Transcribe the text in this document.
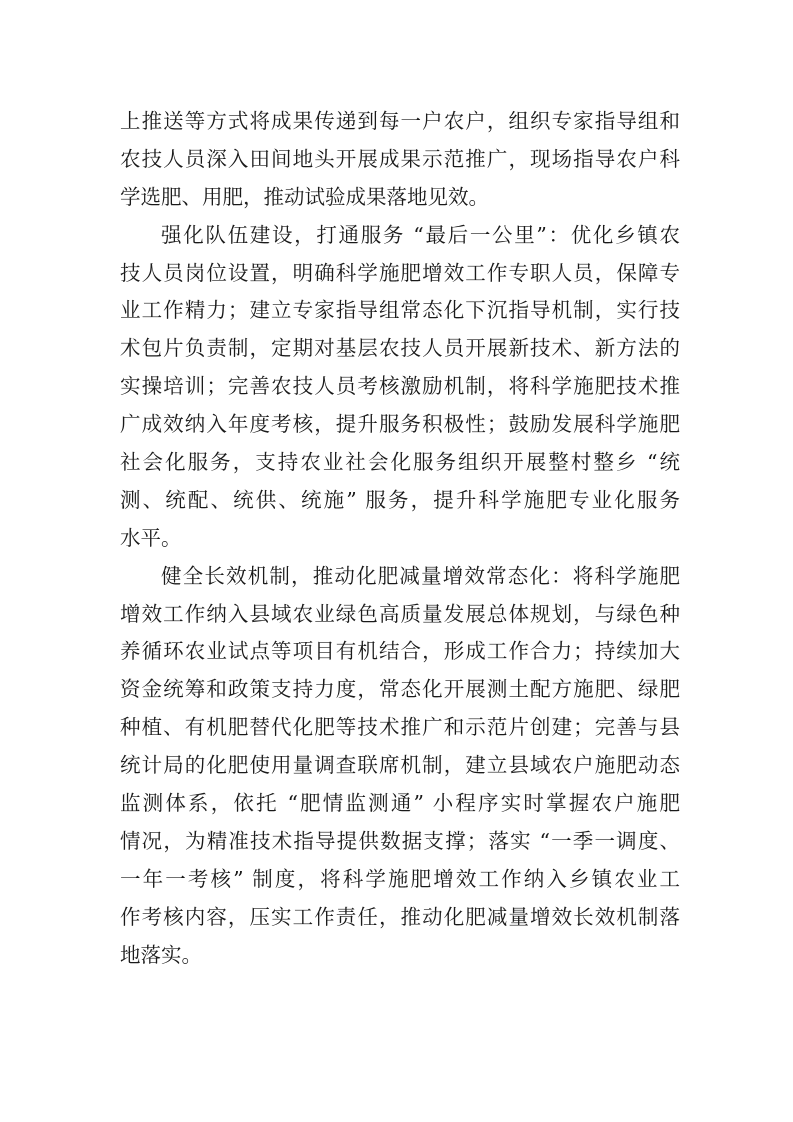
上推送等方式将成果传递到每一户农户，组织专家指导组和
农技人员深入田间地头开展成果示范推广，现场指导农户科
学选肥、用肥，推动试验成果落地见效。
强化队伍建设，打通服务 “最后一公里”：优化乡镇农
技人员岗位设置，明确科学施肥增效工作专职人员，保障专
业工作精力；建立专家指导组常态化下沉指导机制，实行技
术包片负责制，定期对基层农技人员开展新技术、新方法的
实操培训；完善农技人员考核激励机制，将科学施肥技术推
广成效纳入年度考核，提升服务积极性；鼓励发展科学施肥
社会化服务，支持农业社会化服务组织开展整村整乡 “统
测、统配、统供、统施” 服务，提升科学施肥专业化服务
水平。
健全长效机制，推动化肥减量增效常态化：将科学施肥
增效工作纳入县域农业绿色高质量发展总体规划，与绿色种
养循环农业试点等项目有机结合，形成工作合力；持续加大
资金统筹和政策支持力度，常态化开展测土配方施肥、绿肥
种植、有机肥替代化肥等技术推广和示范片创建；完善与县
统计局的化肥使用量调查联席机制，建立县域农户施肥动态
监测体系，依托 “肥情监测通” 小程序实时掌握农户施肥
情况，为精准技术指导提供数据支撑；落实 “一季一调度、
一年一考核” 制度，将科学施肥增效工作纳入乡镇农业工
作考核内容，压实工作责任，推动化肥减量增效长效机制落
地落实。
